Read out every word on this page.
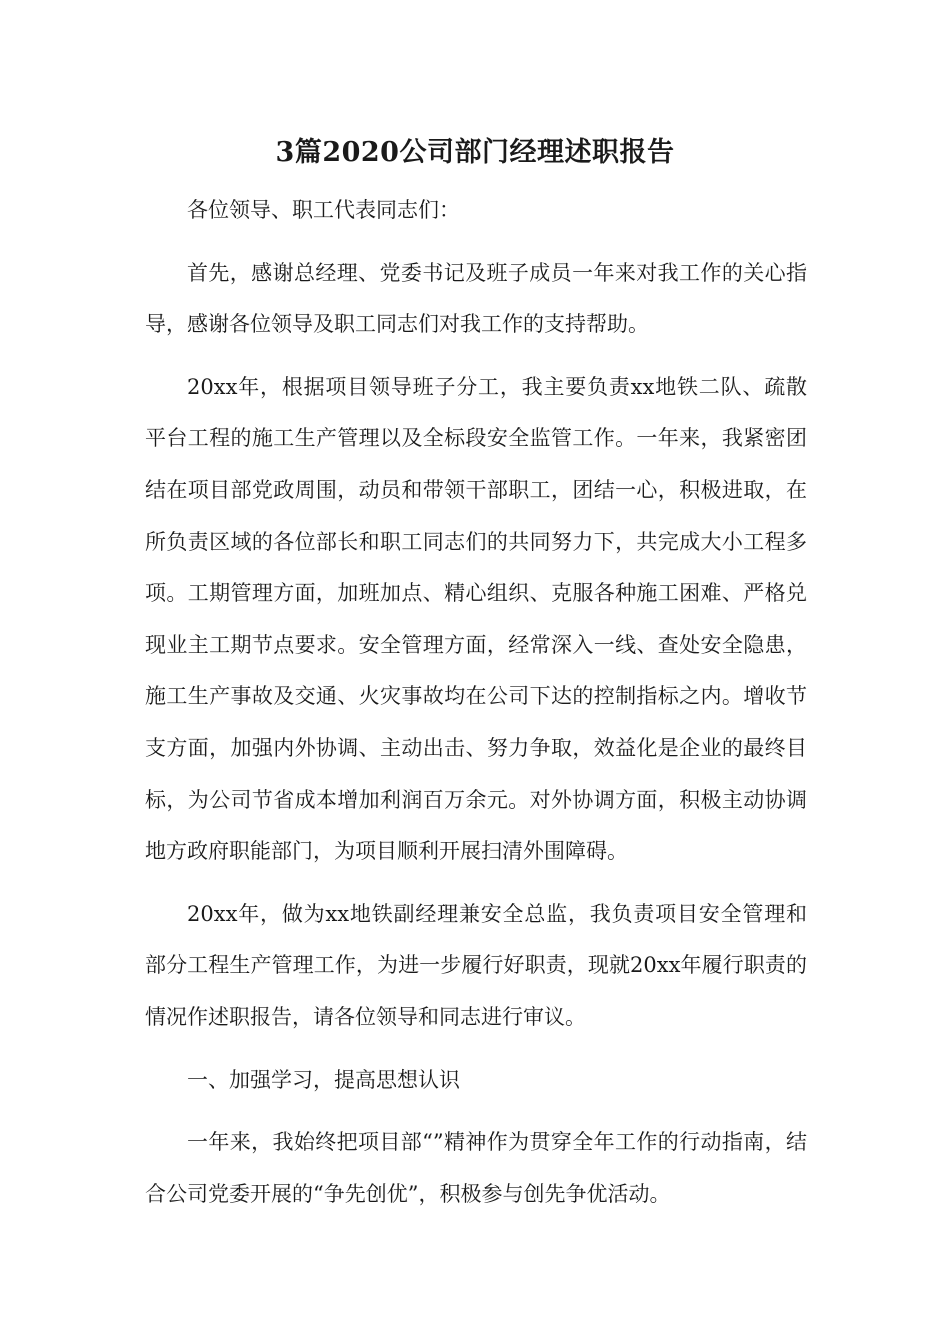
3篇2020公司部门经理述职报告

各位领导、职工代表同志们：

首先，感谢总经理、党委书记及班子成员一年来对我工作的关心指导，感谢各位领导及职工同志们对我工作的支持帮助。

20xx年，根据项目领导班子分工，我主要负责xx地铁二队、疏散平台工程的施工生产管理以及全标段安全监管工作。一年来，我紧密团结在项目部党政周围，动员和带领干部职工，团结一心，积极进取，在所负责区域的各位部长和职工同志们的共同努力下，共完成大小工程多项。工期管理方面，加班加点、精心组织、克服各种施工困难、严格兑现业主工期节点要求。安全管理方面，经常深入一线、查处安全隐患，施工生产事故及交通、火灾事故均在公司下达的控制指标之内。增收节支方面，加强内外协调、主动出击、努力争取，效益化是企业的最终目标，为公司节省成本增加利润百万余元。对外协调方面，积极主动协调地方政府职能部门，为项目顺利开展扫清外围障碍。

20xx年，做为xx地铁副经理兼安全总监，我负责项目安全管理和部分工程生产管理工作，为进一步履行好职责，现就20xx年履行职责的情况作述职报告，请各位领导和同志进行审议。

一、加强学习，提高思想认识

一年来，我始终把项目部“”精神作为贯穿全年工作的行动指南，结合公司党委开展的“争先创优”，积极参与创先争优活动。
